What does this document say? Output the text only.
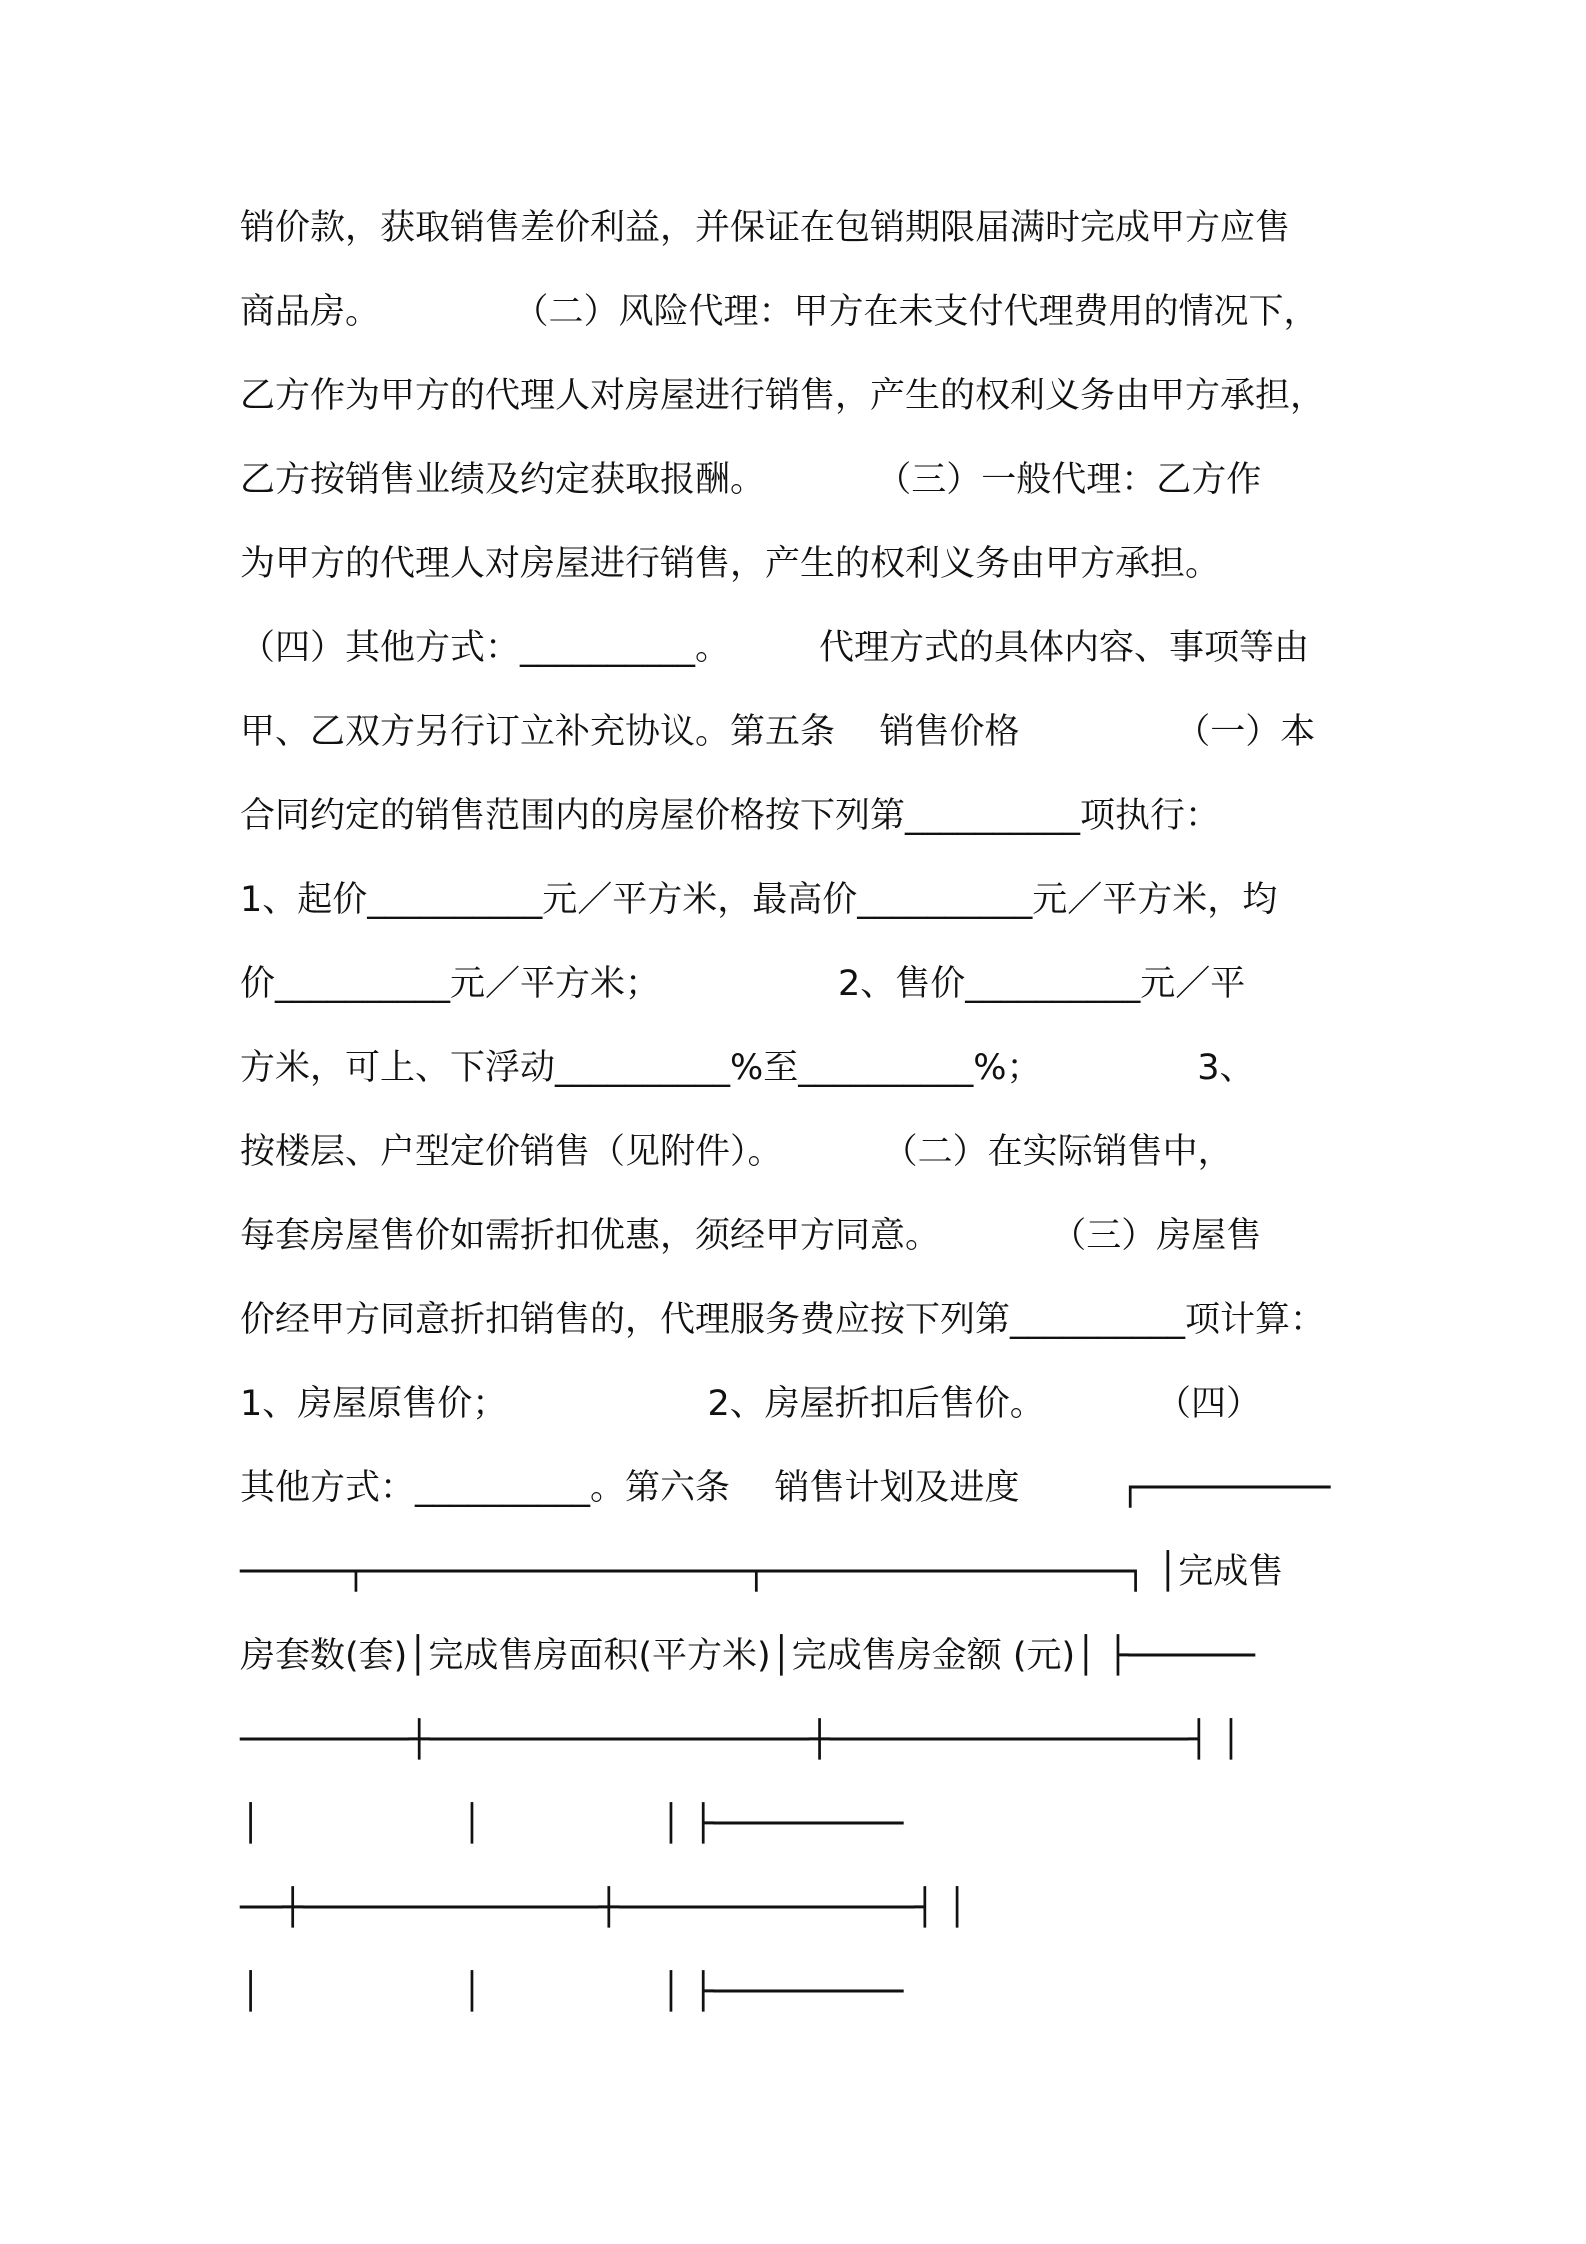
销价款，获取销售差价利益，并保证在包销期限届满时完成甲方应售
商品房。            （二）风险代理：甲方在未支付代理费用的情况下，
乙方作为甲方的代理人对房屋进行销售，产生的权利义务由甲方承担，
乙方按销售业绩及约定获取报酬。          （三）一般代理：乙方作
为甲方的代理人对房屋进行销售，产生的权利义务由甲方承担。
（四）其他方式：__________。        代理方式的具体内容、事项等由
甲、乙双方另行订立补充协议。第五条    销售价格              （一）本
合同约定的销售范围内的房屋价格按下列第__________项执行：
1、起价__________元／平方米，最高价__________元／平方米，均
价__________元／平方米；                2、售价__________元／平
方米，可上、下浮动__________%至__________%；              3、
按楼层、户型定价销售（见附件）。         （二）在实际销售中，
每套房屋售价如需折扣优惠，须经甲方同意。          （三）房屋售
价经甲方同意折扣销售的，代理服务费应按下列第__________项计算：
1、房屋原售价；                  2、房屋折扣后售价。          （四）
其他方式：__________。第六条    销售计划及进度         ┌─────────
─────┬──────────────────┬─────────────────┐ │完成售
房套数(套)│完成售房面积(平方米)│完成售房金额 (元)│ ├──────
────────┼──────────────────┼─────────────────┤ │
│                  │                │ ├─────────
──┼──────────────┼──────────────┤ │
│                  │                │ ├─────────
